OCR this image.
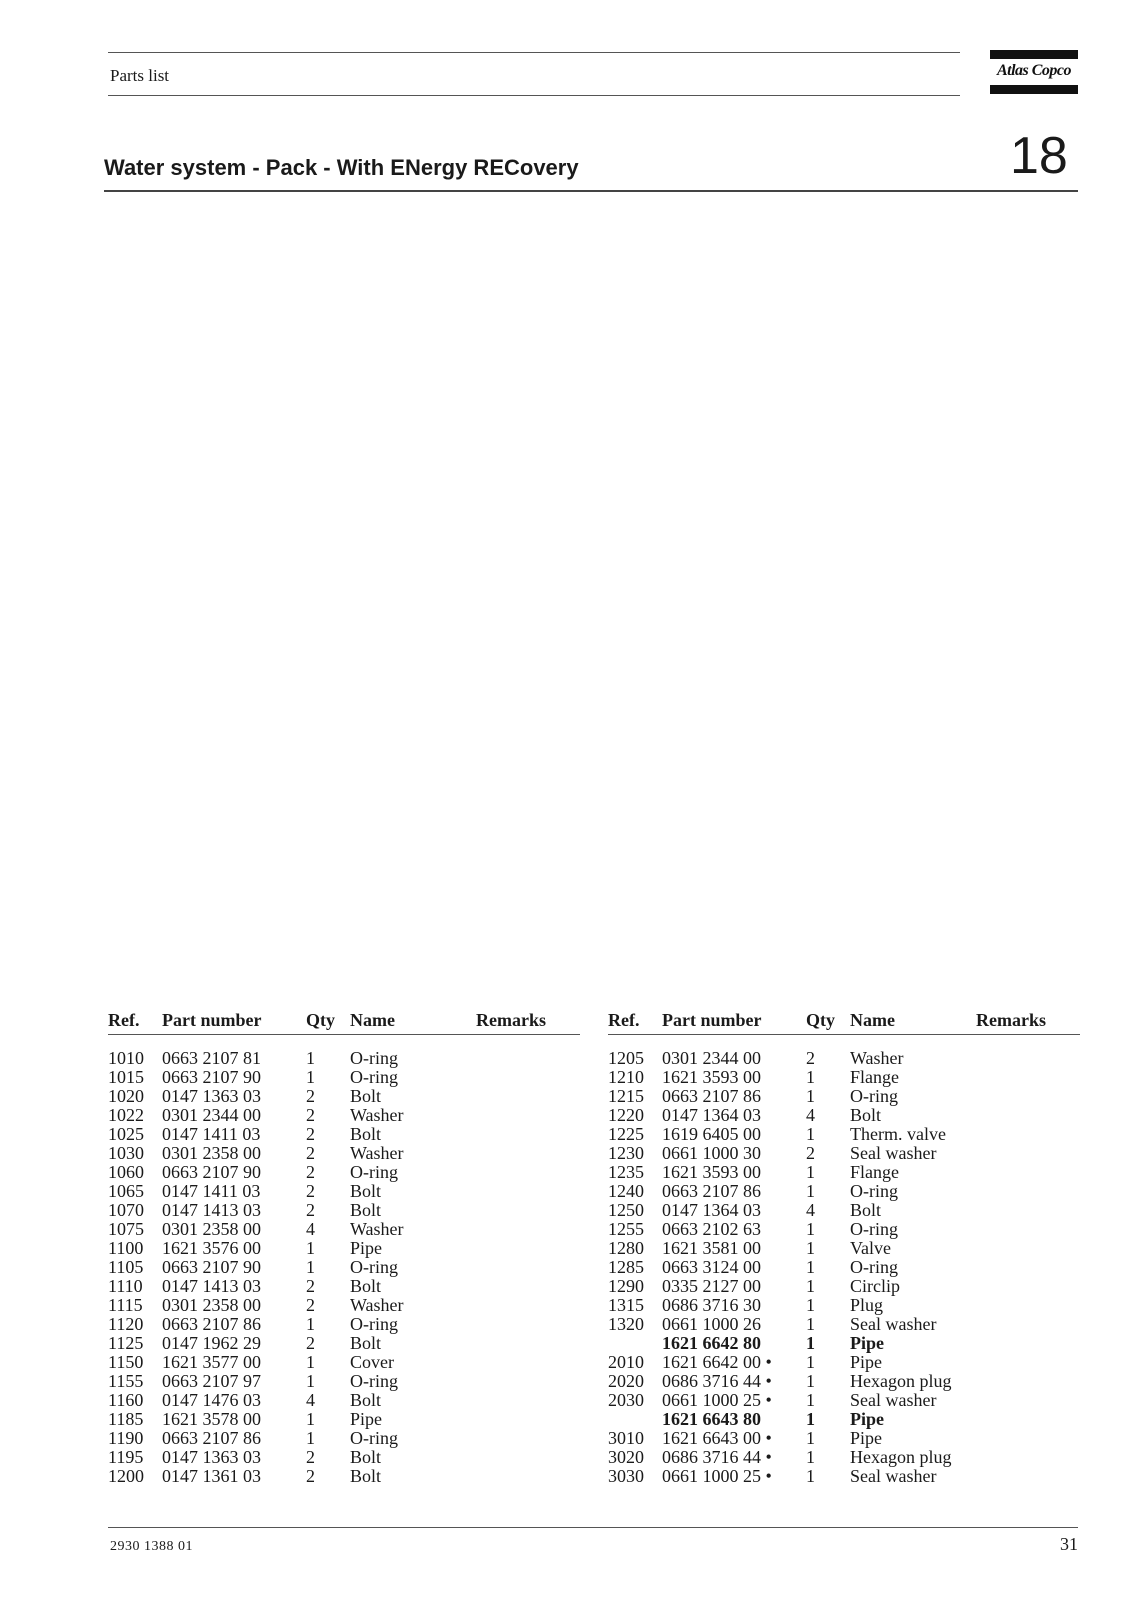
Parts list	Atlas Copco
Water system - Pack - With ENergy RECovery	18
Ref. Part number Qty Name	Remarks
1010 0663 2107 81	1 O-ring
1015 0663 2107 90	1 O-ring
1020 0147 1363 03	2 Bolt
1022 0301 2344 00	2 Washer
1025 0147 1411 03	2 Bolt
1030 0301 2358 00	2 Washer
1060 0663 2107 90	2 O-ring
1065 0147 1411 03	2 Bolt
1070 0147 1413 03	2 Bolt
1075 0301 2358 00	4 Washer
1100 1621 3576 00	1 Pipe
1105 0663 2107 90	1 O-ring
1110 0147 1413 03	2 Bolt
1115 0301 2358 00	2 Washer
1120 0663 2107 86	1 O-ring
1125 0147 1962 29	2 Bolt
1150 1621 3577 00	1 Cover
1155 0663 2107 97	1 O-ring
1160 0147 1476 03	4 Bolt
1185 1621 3578 00	1 Pipe
1190 0663 2107 86	1 O-ring
1195 0147 1363 03	2 Bolt
1200 0147 1361 03	2 Bolt
Ref. Part number Qty Name	Remarks
1205 0301 2344 00	2 Washer
1210 1621 3593 00	1 Flange
1215 0663 2107 86	1 O-ring
1220 0147 1364 03	4 Bolt
1225 1619 6405 00	1 Therm. valve
1230 0661 1000 30	2 Seal washer
1235 1621 3593 00	1 Flange
1240 0663 2107 86	1 O-ring
1250 0147 1364 03	4 Bolt
1255 0663 2102 63	1 O-ring
1280 1621 3581 00	1 Valve
1285 0663 3124 00	1 O-ring
1290 0335 2127 00	1 Circlip
1315 0686 3716 30	1 Plug
1320 0661 1000 26	1 Seal washer
1621 6642 80	1 Pipe
2010 1621 6642 00 • 1 Pipe
2020 0686 3716 44 • 1 Hexagon plug
2030 0661 1000 25 • 1 Seal washer
1621 6643 80	1 Pipe
3010 1621 6643 00 • 1 Pipe
3020 0686 3716 44 • 1 Hexagon plug
3030 0661 1000 25 • 1 Seal washer
2930 1388 01	31
